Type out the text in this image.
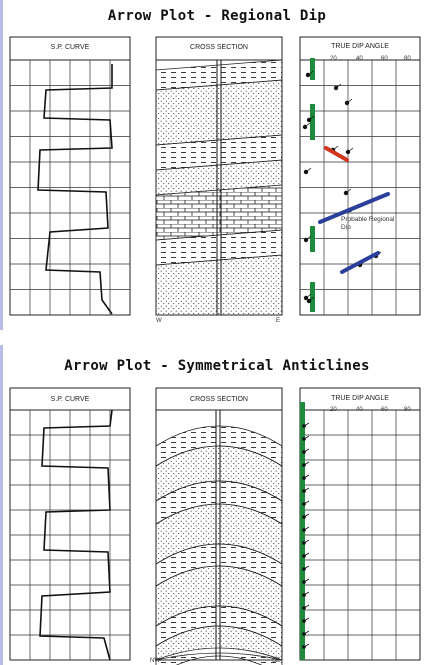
Arrow Plot - Regional Dip
Arrow Plot - Symmetrical Anticlines
S.P. CURVE	CROSS SECTION	TRUE DIP ANGLE
20	40	60	80
Probable Regional Dip
W	E
S.P. CURVE	CROSS SECTION	TRUE DIP ANGLE
20	40	60	80
NW	SE
